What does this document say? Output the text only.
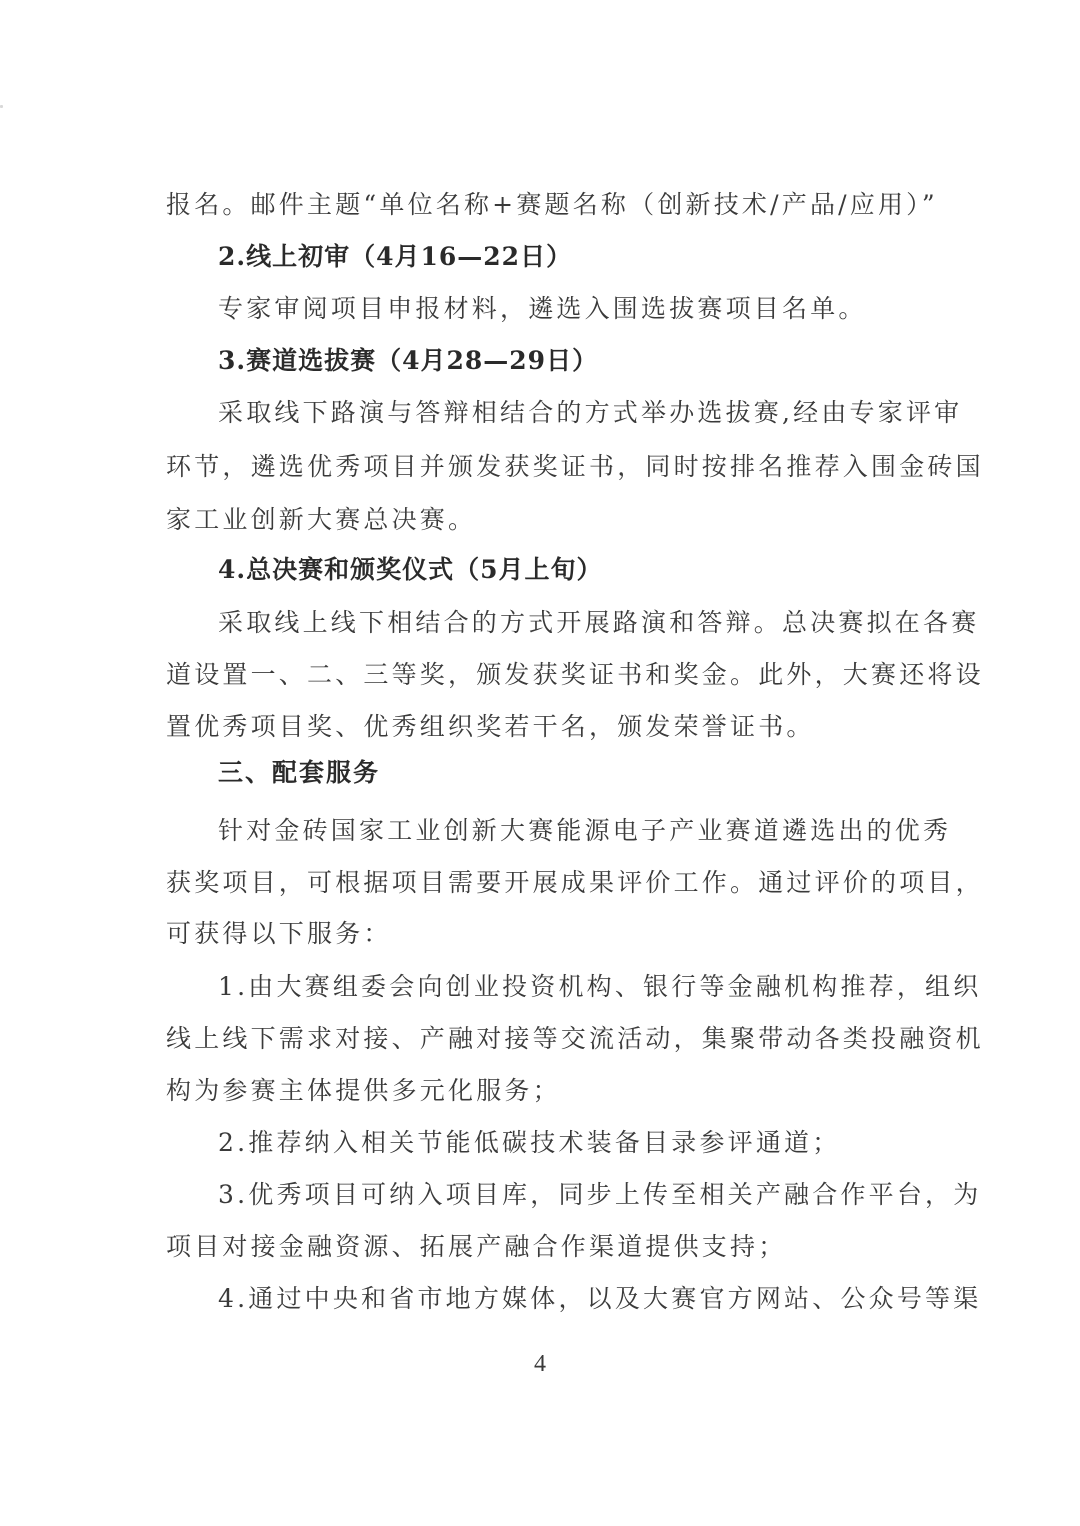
报名。邮件主题“单位名称+赛题名称（创新技术/产品/应用）”
2.线上初审（4月16—22日）
专家审阅项目申报材料，遴选入围选拔赛项目名单。
3.赛道选拔赛（4月28—29日）
采取线下路演与答辩相结合的方式举办选拔赛,经由专家评审
环节，遴选优秀项目并颁发获奖证书，同时按排名推荐入围金砖国
家工业创新大赛总决赛。
4.总决赛和颁奖仪式（5月上旬）
采取线上线下相结合的方式开展路演和答辩。总决赛拟在各赛
道设置一、二、三等奖，颁发获奖证书和奖金。此外，大赛还将设
置优秀项目奖、优秀组织奖若干名，颁发荣誉证书。
三、配套服务
针对金砖国家工业创新大赛能源电子产业赛道遴选出的优秀
获奖项目，可根据项目需要开展成果评价工作。通过评价的项目，
可获得以下服务：
1.由大赛组委会向创业投资机构、银行等金融机构推荐，组织
线上线下需求对接、产融对接等交流活动，集聚带动各类投融资机
构为参赛主体提供多元化服务；
2.推荐纳入相关节能低碳技术装备目录参评通道；
3.优秀项目可纳入项目库，同步上传至相关产融合作平台，为
项目对接金融资源、拓展产融合作渠道提供支持；
4.通过中央和省市地方媒体，以及大赛官方网站、公众号等渠
4
